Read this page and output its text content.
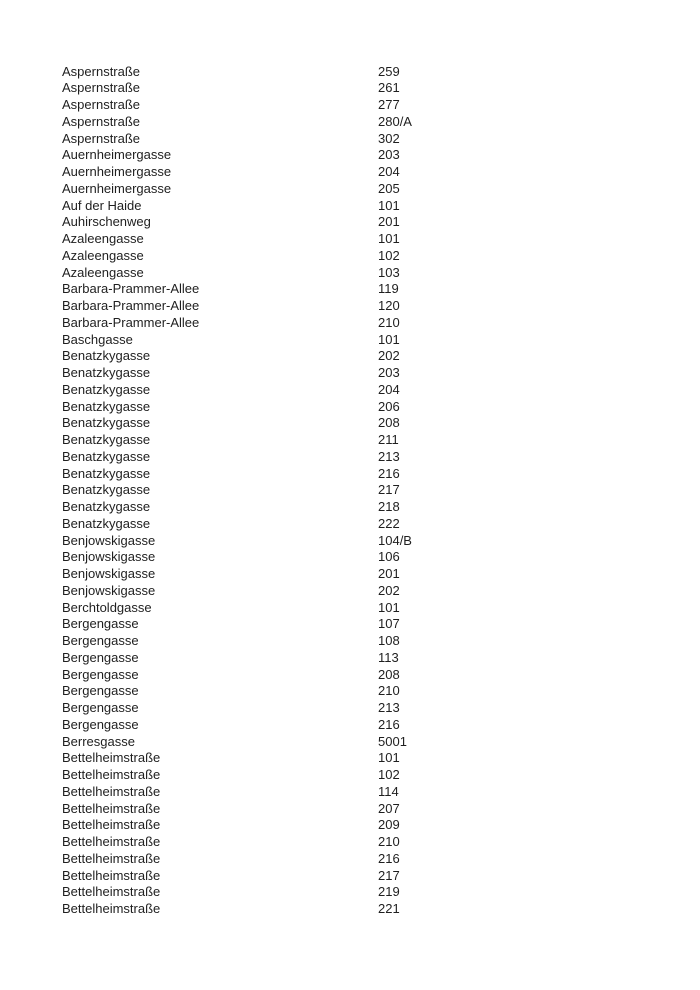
Aspernstraße	259
Aspernstraße	261
Aspernstraße	277
Aspernstraße	280/A
Aspernstraße	302
Auernheimergasse	203
Auernheimergasse	204
Auernheimergasse	205
Auf der Haide	101
Auhirschenweg	201
Azaleengasse	101
Azaleengasse	102
Azaleengasse	103
Barbara-Prammer-Allee	119
Barbara-Prammer-Allee	120
Barbara-Prammer-Allee	210
Baschgasse	101
Benatzkygasse	202
Benatzkygasse	203
Benatzkygasse	204
Benatzkygasse	206
Benatzkygasse	208
Benatzkygasse	211
Benatzkygasse	213
Benatzkygasse	216
Benatzkygasse	217
Benatzkygasse	218
Benatzkygasse	222
Benjowskigasse	104/B
Benjowskigasse	106
Benjowskigasse	201
Benjowskigasse	202
Berchtoldgasse	101
Bergengasse	107
Bergengasse	108
Bergengasse	113
Bergengasse	208
Bergengasse	210
Bergengasse	213
Bergengasse	216
Berresgasse	5001
Bettelheimstraße	101
Bettelheimstraße	102
Bettelheimstraße	114
Bettelheimstraße	207
Bettelheimstraße	209
Bettelheimstraße	210
Bettelheimstraße	216
Bettelheimstraße	217
Bettelheimstraße	219
Bettelheimstraße	221
